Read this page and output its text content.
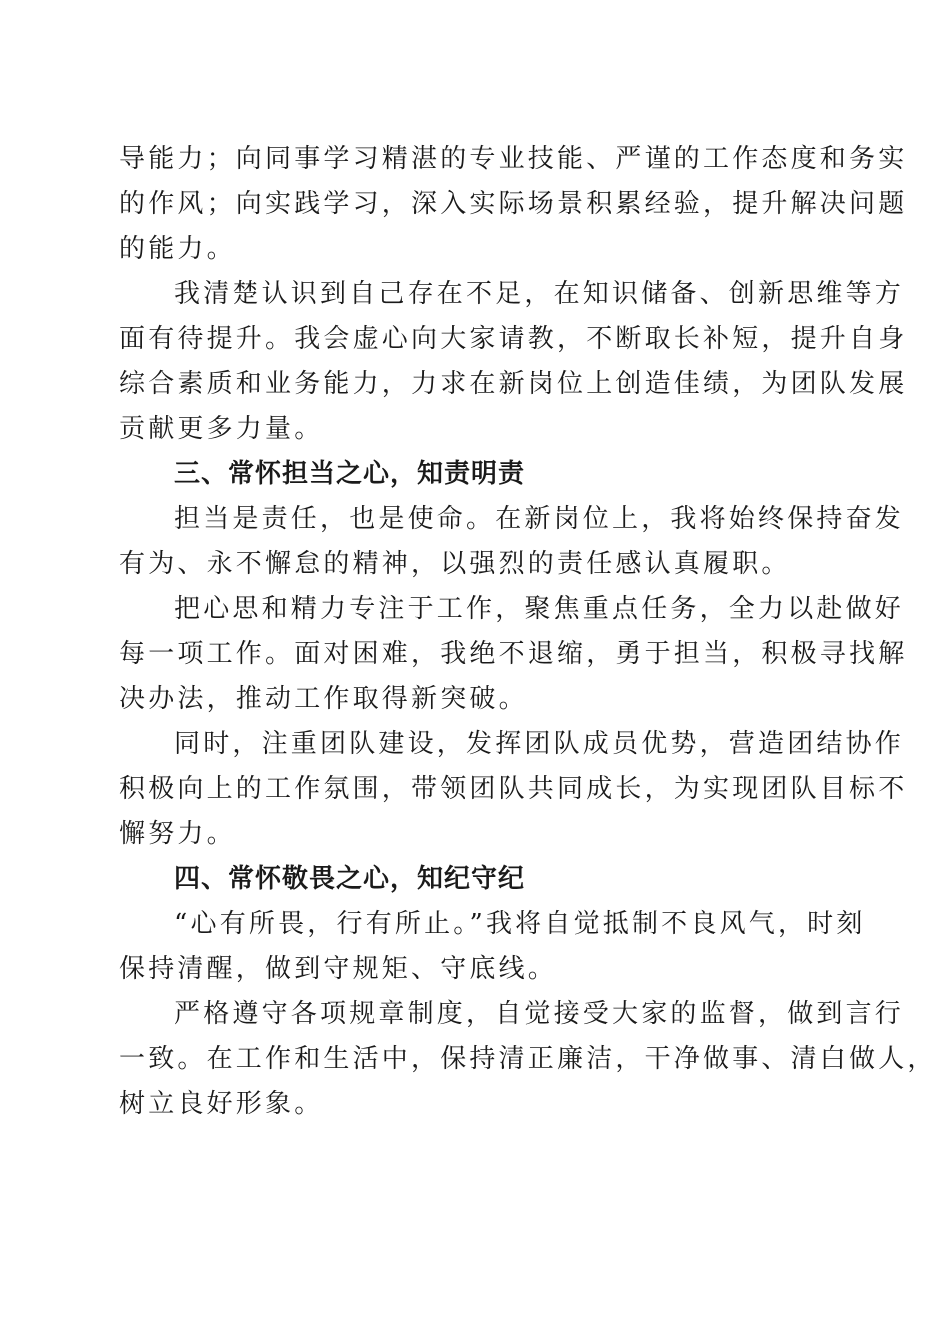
导能力；向同事学习精湛的专业技能、严谨的工作态度和务实
的作风；向实践学习，深入实际场景积累经验，提升解决问题
的能力。
我清楚认识到自己存在不足，在知识储备、创新思维等方
面有待提升。我会虚心向大家请教，不断取长补短，提升自身
综合素质和业务能力，力求在新岗位上创造佳绩，为团队发展
贡献更多力量。
三、常怀担当之心，知责明责
担当是责任，也是使命。在新岗位上，我将始终保持奋发
有为、永不懈怠的精神，以强烈的责任感认真履职。
把心思和精力专注于工作，聚焦重点任务，全力以赴做好
每一项工作。面对困难，我绝不退缩，勇于担当，积极寻找解
决办法，推动工作取得新突破。
同时，注重团队建设，发挥团队成员优势，营造团结协作
积极向上的工作氛围，带领团队共同成长，为实现团队目标不
懈努力。
四、常怀敬畏之心，知纪守纪
“心有所畏，行有所止。”我将自觉抵制不良风气，时刻
保持清醒，做到守规矩、守底线。
严格遵守各项规章制度，自觉接受大家的监督，做到言行
一致。在工作和生活中，保持清正廉洁，干净做事、清白做人，
树立良好形象。
